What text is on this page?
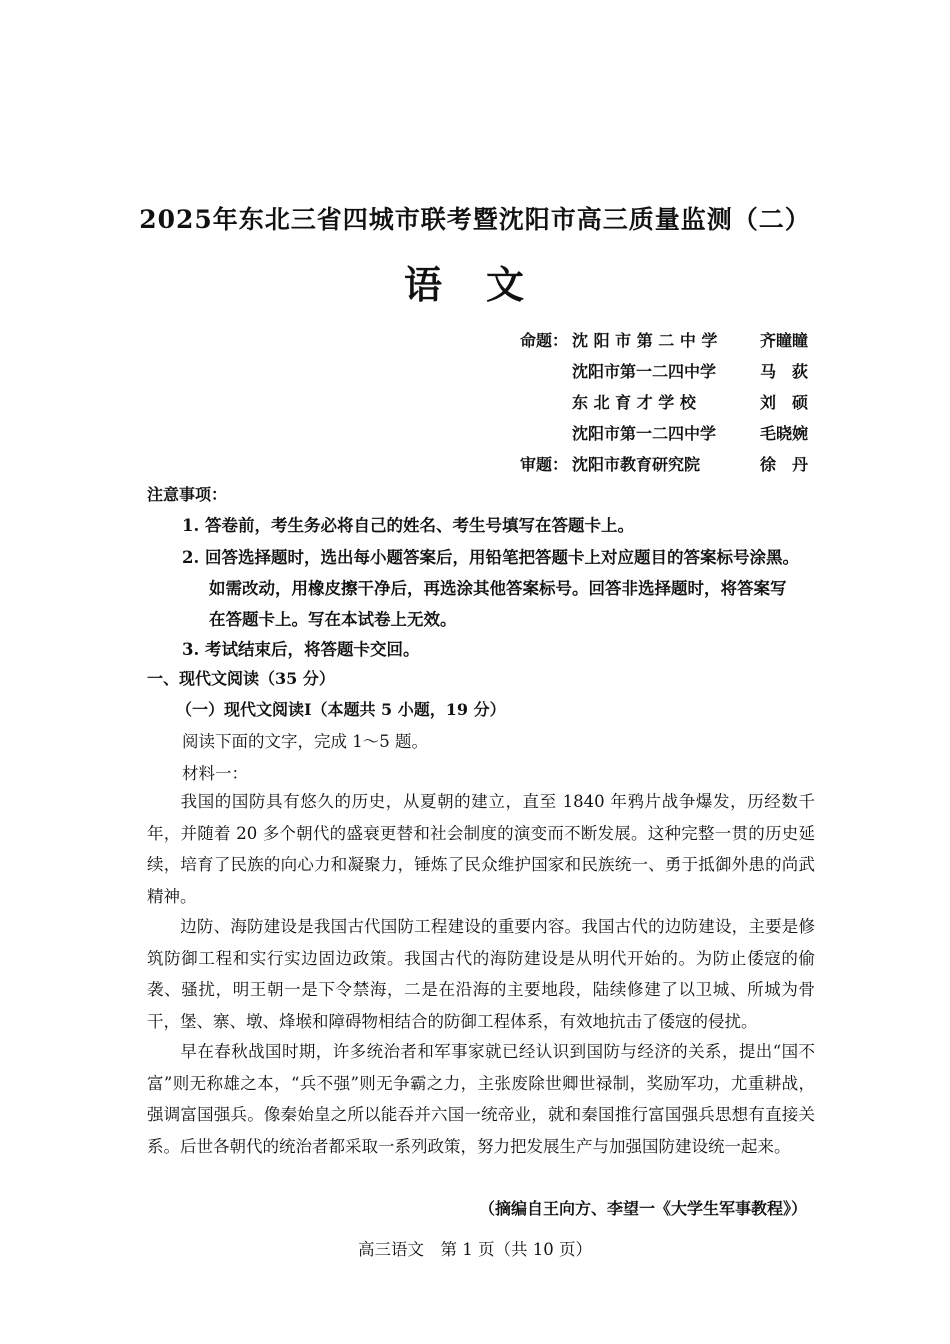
2025年东北三省四城市联考暨沈阳市高三质量监测（二）
语文
命题： 沈 阳 市 第 二 中 学	齐瞳瞳
沈阳市第一二四中学	马　荻
东 北 育 才 学 校	刘　硕
沈阳市第一二四中学	毛晓婉
审题： 沈阳市教育研究院	徐　丹
注意事项：
1. 答卷前，考生务必将自己的姓名、考生号填写在答题卡上。
2. 回答选择题时，选出每小题答案后，用铅笔把答题卡上对应题目的答案标号涂黑。
如需改动，用橡皮擦干净后，再选涂其他答案标号。回答非选择题时，将答案写
在答题卡上。写在本试卷上无效。
3. 考试结束后，将答题卡交回。
一、现代文阅读（35 分）
（一）现代文阅读Ⅰ（本题共 5 小题，19 分）
阅读下面的文字，完成 1～5 题。
材料一：
我国的国防具有悠久的历史，从夏朝的建立，直至 1840 年鸦片战争爆发，历经数千年，并随着 20 多个朝代的盛衰更替和社会制度的演变而不断发展。这种完整一贯的历史延续，培育了民族的向心力和凝聚力，锤炼了民众维护国家和民族统一、勇于抵御外患的尚武精神。
边防、海防建设是我国古代国防工程建设的重要内容。我国古代的边防建设，主要是修筑防御工程和实行实边固边政策。我国古代的海防建设是从明代开始的。为防止倭寇的偷袭、骚扰，明王朝一是下令禁海，二是在沿海的主要地段，陆续修建了以卫城、所城为骨干，堡、寨、墩、烽堠和障碍物相结合的防御工程体系，有效地抗击了倭寇的侵扰。
早在春秋战国时期，许多统治者和军事家就已经认识到国防与经济的关系，提出“国不富”则无称雄之本，“兵不强”则无争霸之力，主张废除世卿世禄制，奖励军功，尤重耕战，强调富国强兵。像秦始皇之所以能吞并六国一统帝业，就和秦国推行富国强兵思想有直接关系。后世各朝代的统治者都采取一系列政策，努力把发展生产与加强国防建设统一起来。
（摘编自王向方、李望一《大学生军事教程》）
高三语文　第 1 页（共 10 页）
